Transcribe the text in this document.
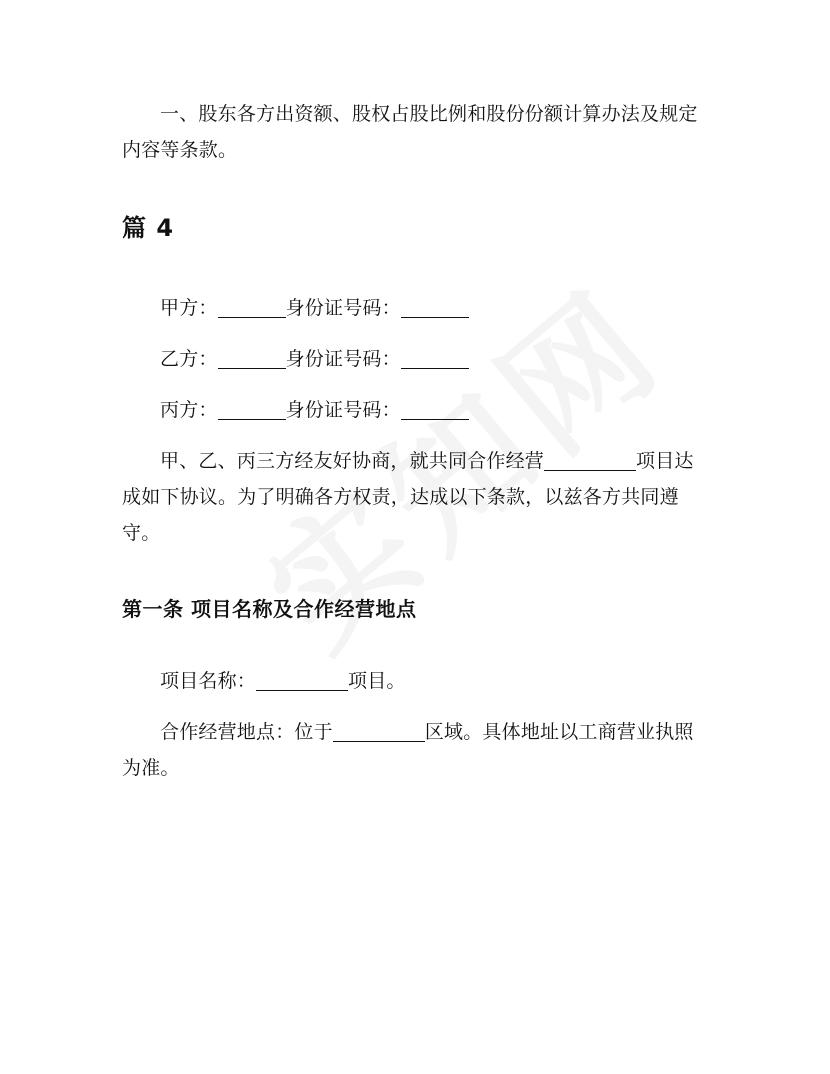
一、股东各方出资额、股权占股比例和股份份额计算办法及规定内容等条款。

篇 4

甲方：	身份证号码：

乙方：	身份证号码：

丙方：	身份证号码：

甲、乙、丙三方经友好协商，就共同合作经营	项目达成如下协议。为了明确各方权责，达成以下条款，以兹各方共同遵守。

第一条 项目名称及合作经营地点

项目名称：	项目。

合作经营地点：位于	区域。具体地址以工商营业执照为准。
